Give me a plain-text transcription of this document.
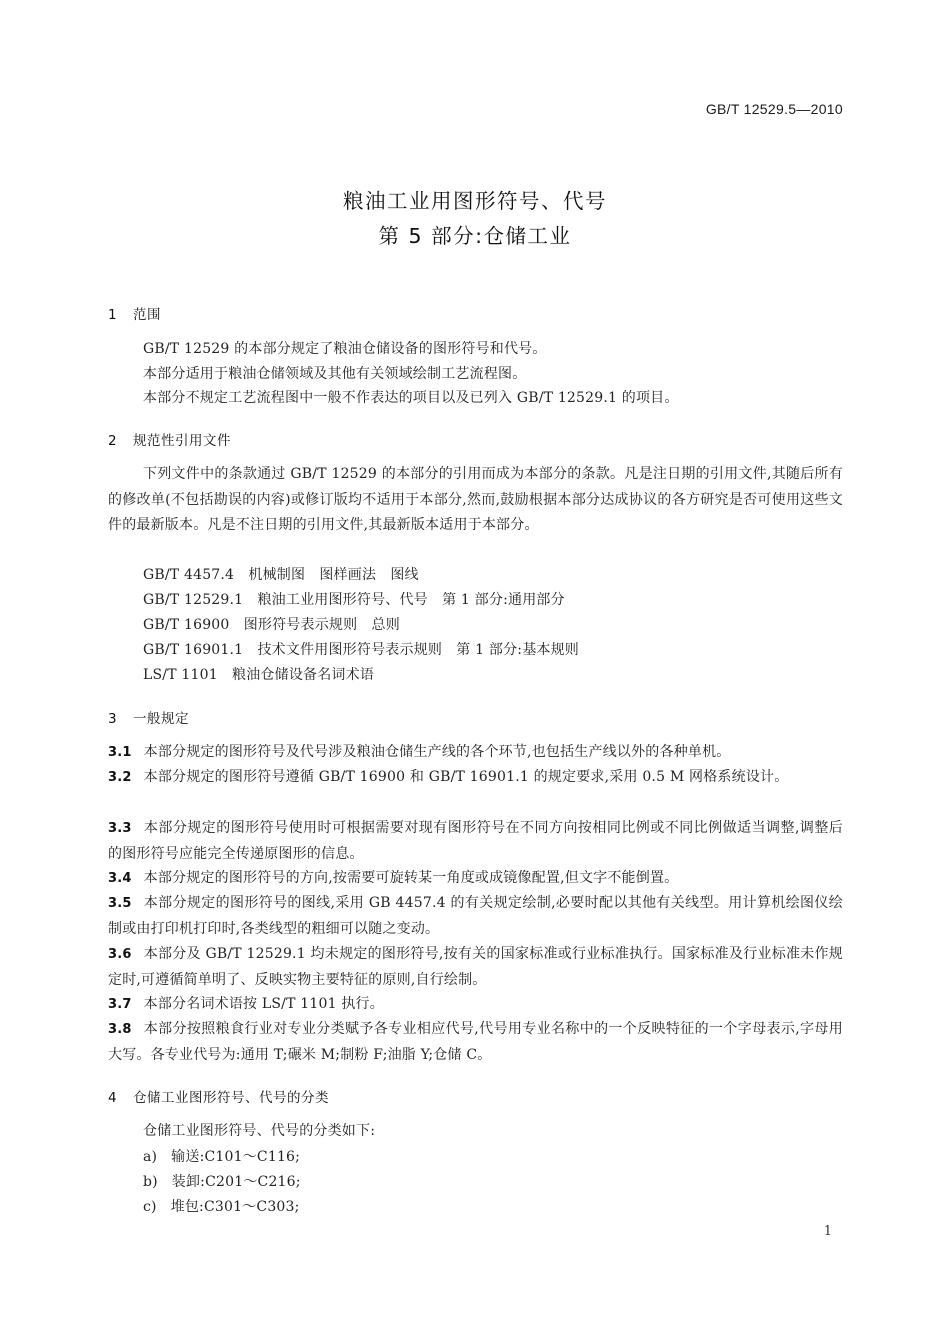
GB/T 12529.5—2010
粮油工业用图形符号、代号
第 5 部分:仓储工业
1 范围
GB/T 12529 的本部分规定了粮油仓储设备的图形符号和代号。
本部分适用于粮油仓储领域及其他有关领域绘制工艺流程图。
本部分不规定工艺流程图中一般不作表达的项目以及已列入 GB/T 12529.1 的项目。
2 规范性引用文件
下列文件中的条款通过 GB/T 12529 的本部分的引用而成为本部分的条款。凡是注日期的引用文件,其随后所有的修改单(不包括勘误的内容)或修订版均不适用于本部分,然而,鼓励根据本部分达成协议的各方研究是否可使用这些文件的最新版本。凡是不注日期的引用文件,其最新版本适用于本部分。
GB/T 4457.4　机械制图　图样画法　图线
GB/T 12529.1　粮油工业用图形符号、代号　第 1 部分:通用部分
GB/T 16900　图形符号表示规则　总则
GB/T 16901.1　技术文件用图形符号表示规则　第 1 部分:基本规则
LS/T 1101　粮油仓储设备名词术语
3 一般规定
3.1 本部分规定的图形符号及代号涉及粮油仓储生产线的各个环节,也包括生产线以外的各种单机。
3.2 本部分规定的图形符号遵循 GB/T 16900 和 GB/T 16901.1 的规定要求,采用 0.5 M 网格系统设计。
3.3 本部分规定的图形符号使用时可根据需要对现有图形符号在不同方向按相同比例或不同比例做适当调整,调整后的图形符号应能完全传递原图形的信息。
3.4 本部分规定的图形符号的方向,按需要可旋转某一角度或成镜像配置,但文字不能倒置。
3.5 本部分规定的图形符号的图线,采用 GB 4457.4 的有关规定绘制,必要时配以其他有关线型。用计算机绘图仪绘制或由打印机打印时,各类线型的粗细可以随之变动。
3.6 本部分及 GB/T 12529.1 均未规定的图形符号,按有关的国家标准或行业标准执行。国家标准及行业标准未作规定时,可遵循简单明了、反映实物主要特征的原则,自行绘制。
3.7 本部分名词术语按 LS/T 1101 执行。
3.8 本部分按照粮食行业对专业分类赋予各专业相应代号,代号用专业名称中的一个反映特征的一个字母表示,字母用大写。各专业代号为:通用 T;碾米 M;制粉 F;油脂 Y;仓储 C。
4 仓储工业图形符号、代号的分类
仓储工业图形符号、代号的分类如下:
a) 输送:C101～C116;
b) 装卸:C201～C216;
c) 堆包:C301～C303;
1
